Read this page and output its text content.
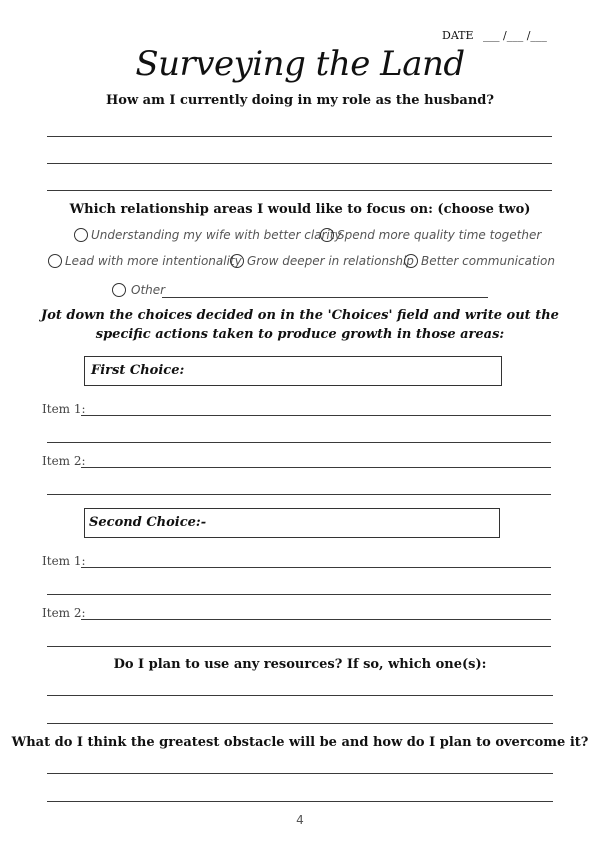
DATE ___ /___ /___
Surveying the Land
How am I currently doing in my role as the husband?
Which relationship areas I would like to focus on: (choose two)
Understanding my wife with better clarity
Spend more quality time together
Lead with more intentionality Grow deeper in relationship Better communication
Other
Jot down the choices decided on in the 'Choices' field and write out the
specific actions taken to produce growth in those areas:
First Choice:
Item 1:
Item 2:
Second Choice:-
Item 1:
Item 2:
Do I plan to use any resources? If so, which one(s):
What do I think the greatest obstacle will be and how do I plan to overcome it?
4
